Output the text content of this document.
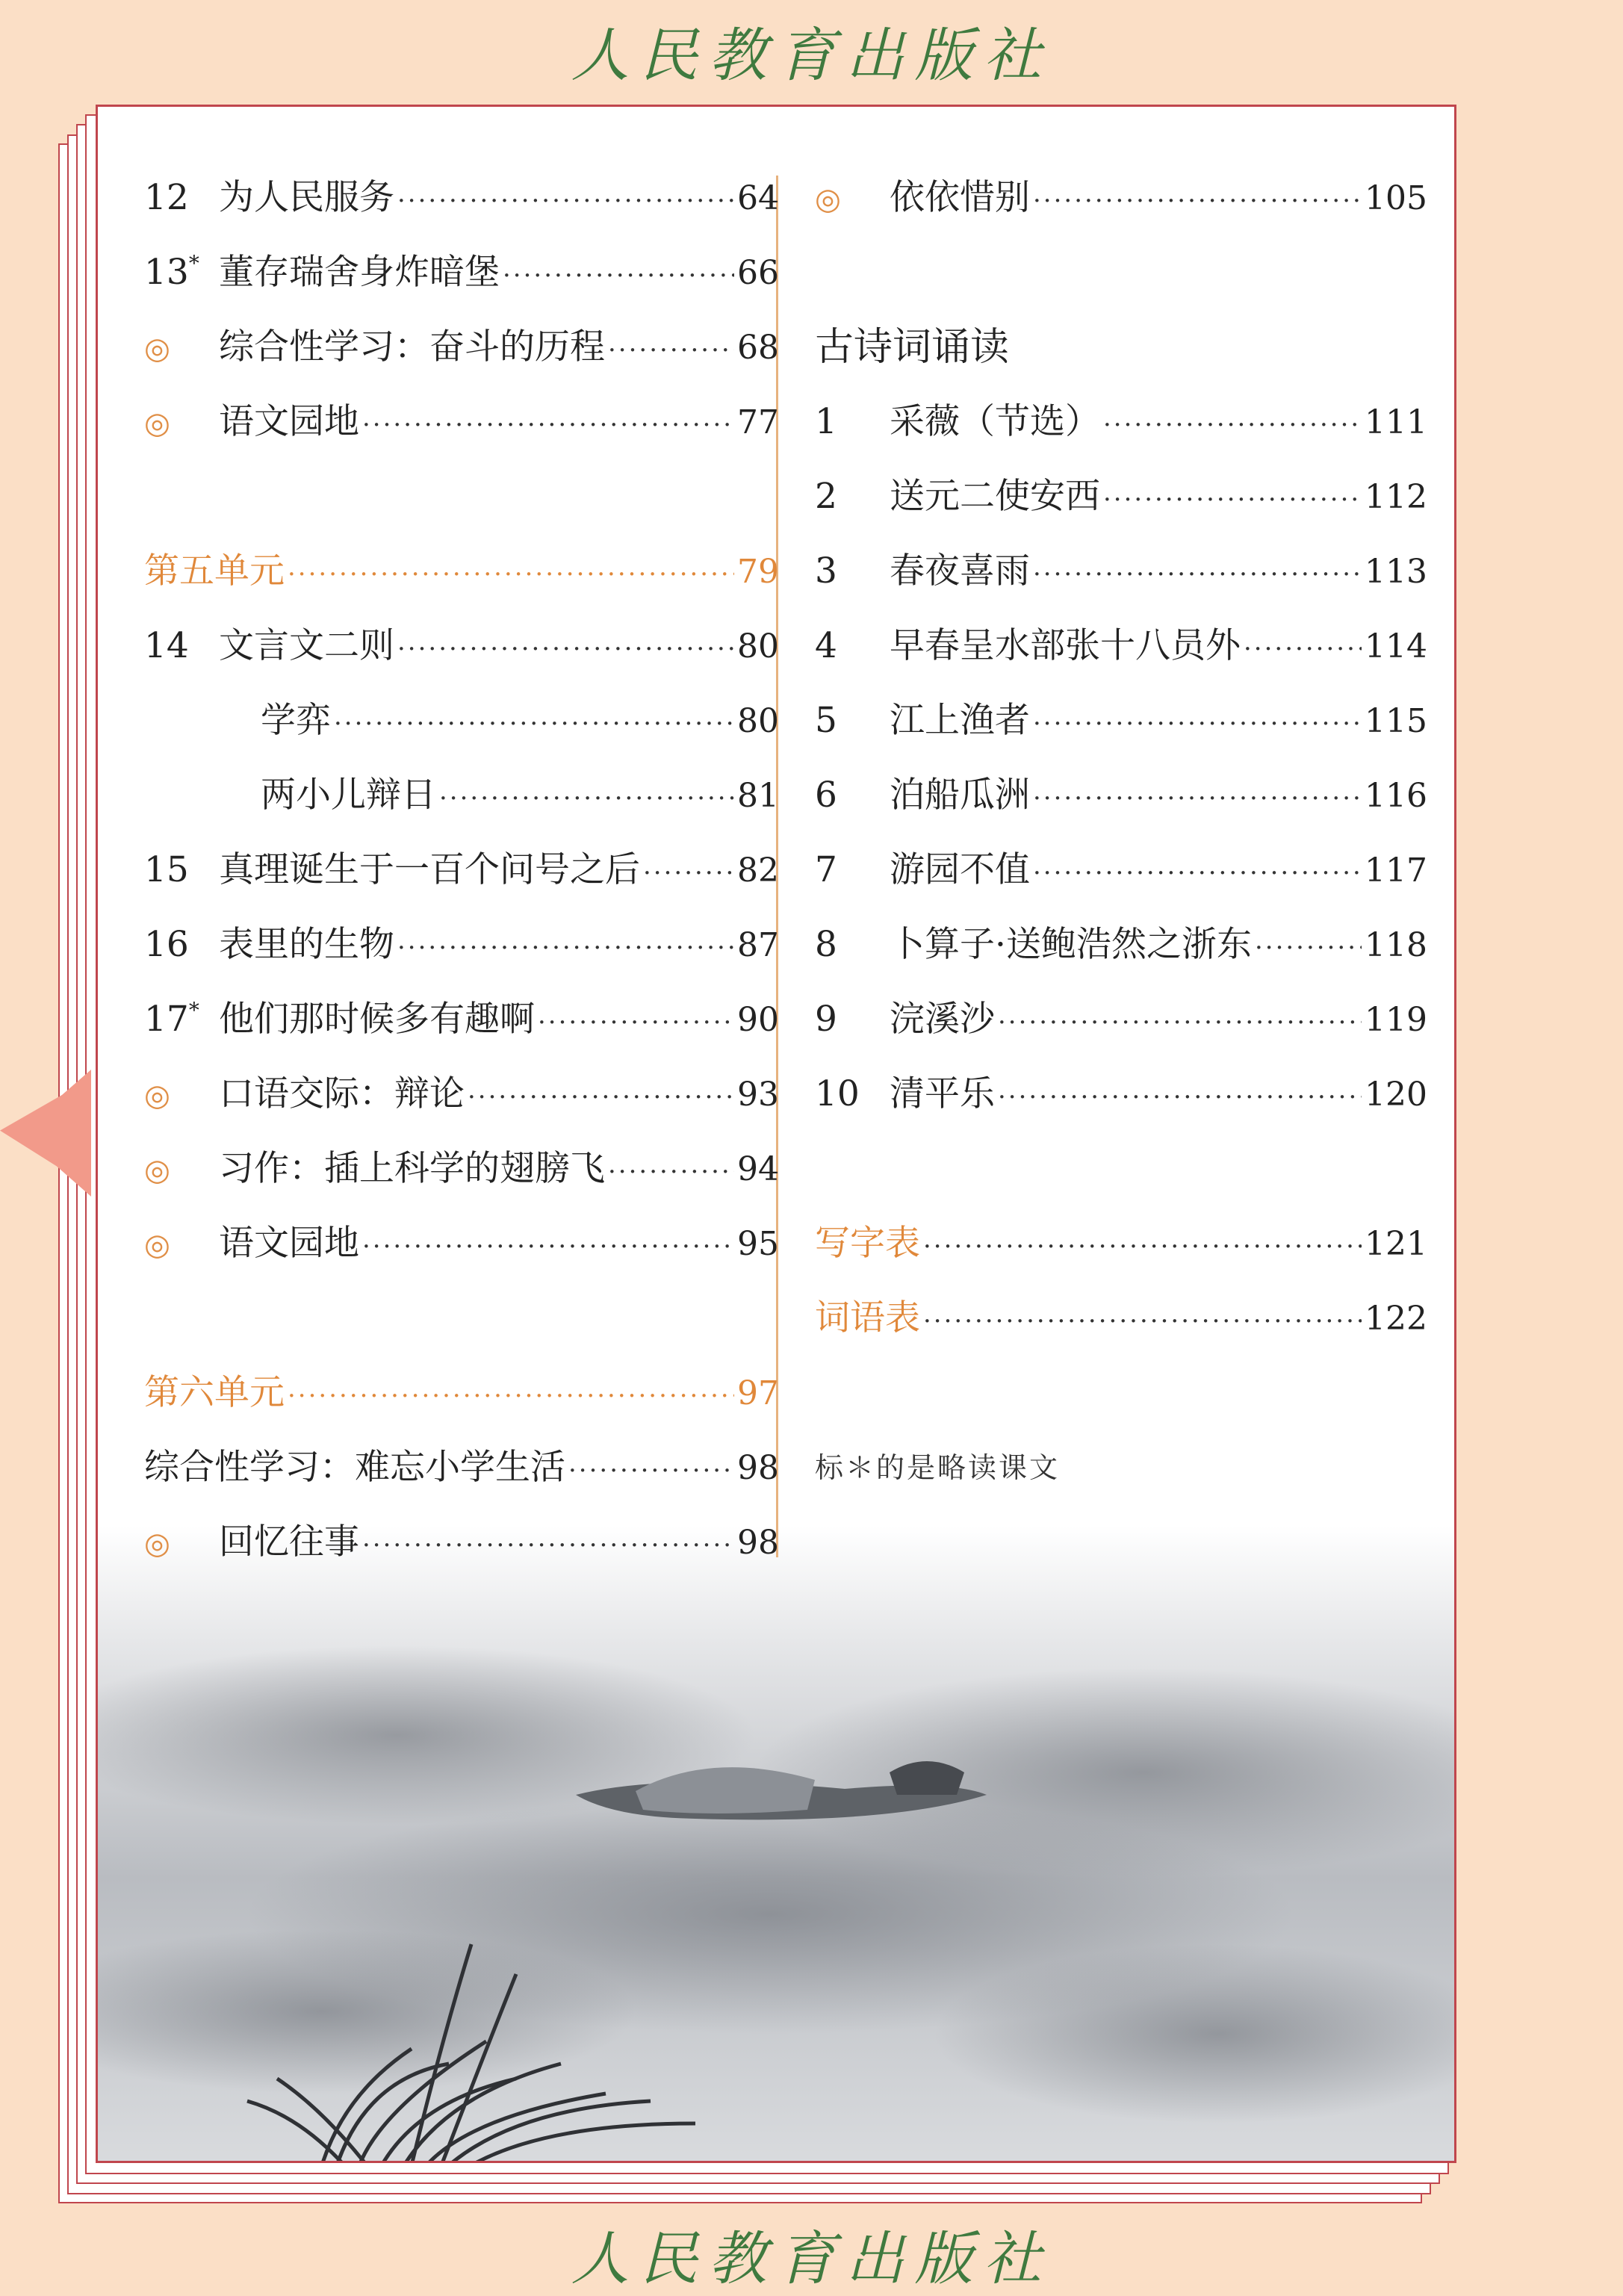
人民教育出版社
12 为人民服务 ·····	64
13* 董存瑞舍身炸暗堡 ·····	66
◎	综合性学习：奋斗的历程 ·····	68
◎	语文园地 ·····	77
第五单元 ·····	79
14 文言文二则 ·····	80
学弈 ·····	80
两小儿辩日 ·····	81
15 真理诞生于一百个问号之后 ·····	82
16 表里的生物 ·····	87
17* 他们那时候多有趣啊 ·····	90
◎	口语交际：辩论 ·····	93
◎	习作：插上科学的翅膀飞 ·····	94
◎	语文园地 ·····	95
第六单元 ·····	97
综合性学习：难忘小学生活 ·····	98
◎	回忆往事 ·····	98
◎	依依惜别 ·····	105
古诗词诵读
1	采薇（节选） ·····	111
2	送元二使安西 ·····	112
3	春夜喜雨 ·····	113
4	早春呈水部张十八员外 ·····	114
5	江上渔者 ·····	115
6	泊船瓜洲 ·····	116
7	游园不值 ·····	117
8	卜算子·送鲍浩然之浙东 ·····	118
9	浣溪沙 ·····	119
10 清平乐 ·····	120
写字表 ·····	121
词语表 ·····	122
标＊的是略读课文
人民教育出版社
